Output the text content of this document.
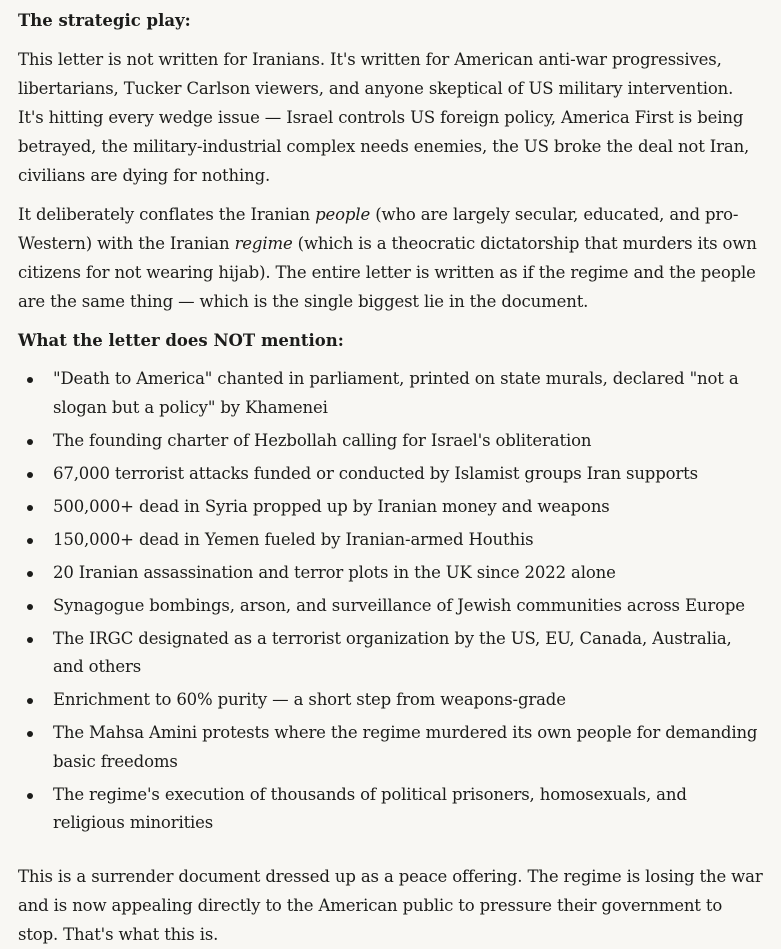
The strategic play:

This letter is not written for Iranians. It's written for American anti-war progressives, libertarians, Tucker Carlson viewers, and anyone skeptical of US military intervention. It's hitting every wedge issue — Israel controls US foreign policy, America First is being betrayed, the military-industrial complex needs enemies, the US broke the deal not Iran, civilians are dying for nothing.

It deliberately conflates the Iranian people (who are largely secular, educated, and pro-Western) with the Iranian regime (which is a theocratic dictatorship that murders its own citizens for not wearing hijab). The entire letter is written as if the regime and the people are the same thing — which is the single biggest lie in the document.

What the letter does NOT mention:
"Death to America" chanted in parliament, printed on state murals, declared "not a slogan but a policy" by Khamenei
The founding charter of Hezbollah calling for Israel's obliteration
67,000 terrorist attacks funded or conducted by Islamist groups Iran supports
500,000+ dead in Syria propped up by Iranian money and weapons
150,000+ dead in Yemen fueled by Iranian-armed Houthis
20 Iranian assassination and terror plots in the UK since 2022 alone
Synagogue bombings, arson, and surveillance of Jewish communities across Europe
The IRGC designated as a terrorist organization by the US, EU, Canada, Australia, and others
Enrichment to 60% purity — a short step from weapons-grade
The Mahsa Amini protests where the regime murdered its own people for demanding basic freedoms
The regime's execution of thousands of political prisoners, homosexuals, and religious minorities

This is a surrender document dressed up as a peace offering. The regime is losing the war and is now appealing directly to the American public to pressure their government to stop. That's what this is.
